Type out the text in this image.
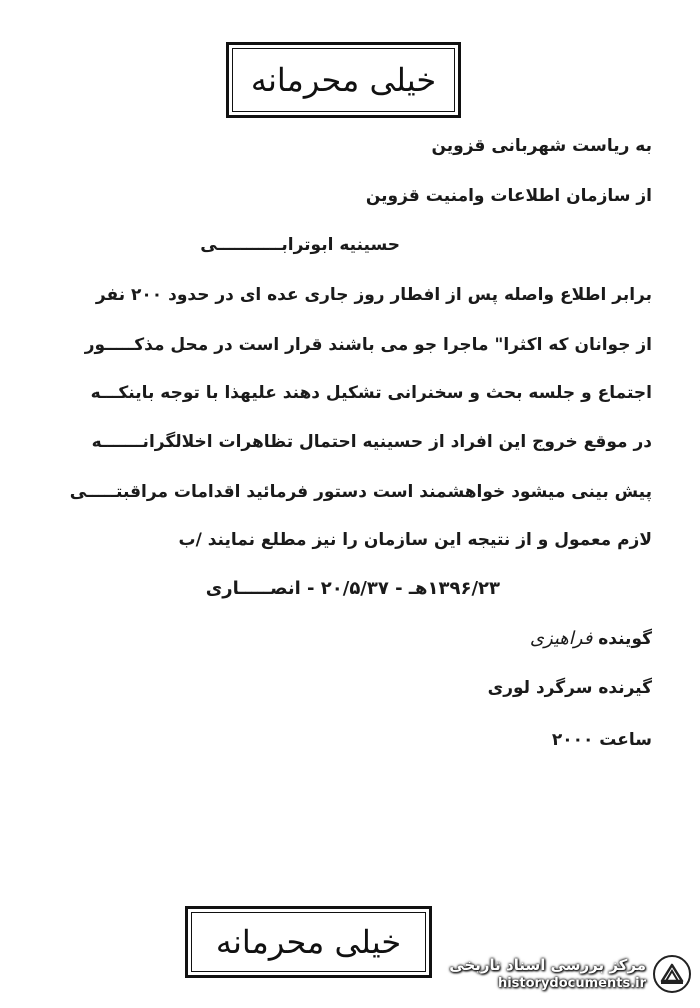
خیلی محرمانه
به ریاست شهربانی قزوین
از سازمان اطلاعات وامنیت قزوین
حسینیه ابوترابـــــــــــی
برابر اطلاع واصله پس از افطار روز جاری عده ای در حدود ۲۰۰ نفر
از جوانان که اکثرا" ماجرا جو می باشند قرار است در محل مذکـــــور
اجتماع و جلسه بحث و سخنرانی تشکیل دهند علیهذا با توجه باینکـــه
در موقع خروج این افراد از حسینیه احتمال تظاهرات اخلالگرانـــــــه
پیش بینی میشود خواهشمند است دستور فرمائید اقدامات مراقبتـــــی
لازم معمول و از نتیجه این سازمان را نیز مطلع نمایند /ب
۱۳۹۶/۲۳هـ - ۲۰/۵/۳۷ - انصـــــاری
گوینده فراهیزی
گیرنده سرگرد لوری
ساعت ۲۰۰۰
خیلی محرمانه
مرکز بررسی اسناد تاریخی
historydocuments.ir
